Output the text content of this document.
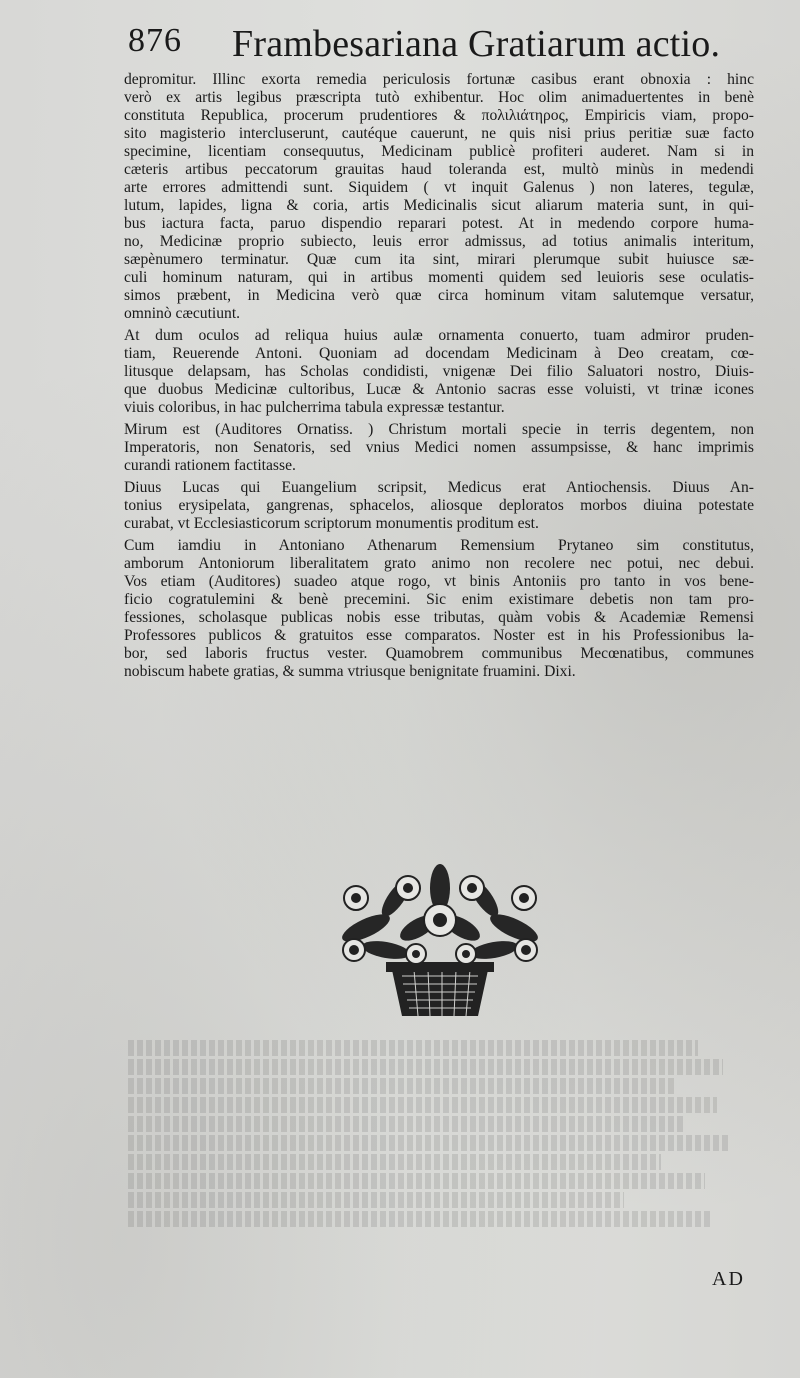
876 Frambesariana Gratiarum actio.
depromitur. Illinc exorta remedia periculosis fortunæ casibus erant obnoxia : hinc
verò ex artis legibus præscripta tutò exhibentur. Hoc olim animaduertentes in benè
constituta Republica, procerum prudentiores & πολιλιάτηρος, Empiricis viam, propo-
sito magisterio intercluserunt, cautéque cauerunt, ne quis nisi prius peritiæ suæ facto
specimine, licentiam consequutus, Medicinam publicè profiteri auderet. Nam si in
cæteris artibus peccatorum grauitas haud toleranda est, multò minùs in medendi
arte errores admittendi sunt. Siquidem ( vt inquit Galenus ) non lateres, tegulæ,
lutum, lapides, ligna & coria, artis Medicinalis sicut aliarum materia sunt, in qui-
bus iactura facta, paruo dispendio reparari potest. At in medendo corpore huma-
no, Medicinæ proprio subiecto, leuis error admissus, ad totius animalis interitum,
sæpènumero terminatur. Quæ cum ita sint, mirari plerumque subit huiusce sæ-
culi hominum naturam, qui in artibus momenti quidem sed leuioris sese oculatis-
simos præbent, in Medicina verò quæ circa hominum vitam salutemque versatur,
omninò cæcutiunt.
At dum oculos ad reliqua huius aulæ ornamenta conuerto, tuam admiror pruden-
tiam, Reuerende Antoni. Quoniam ad docendam Medicinam à Deo creatam, cœ-
litusque delapsam, has Scholas condidisti, vnigenæ Dei filio Saluatori nostro, Diuis-
que duobus Medicinæ cultoribus, Lucæ & Antonio sacras esse voluisti, vt trinæ icones
viuis coloribus, in hac pulcherrima tabula expressæ testantur.
Mirum est (Auditores Ornatiss. ) Christum mortali specie in terris degentem, non
Imperatoris, non Senatoris, sed vnius Medici nomen assumpsisse, & hanc imprimis
curandi rationem factitasse.
Diuus Lucas qui Euangelium scripsit, Medicus erat Antiochensis. Diuus An-
tonius erysipelata, gangrenas, sphacelos, aliosque deploratos morbos diuina potestate
curabat, vt Ecclesiasticorum scriptorum monumentis proditum est.
Cum iamdiu in Antoniano Athenarum Remensium Prytaneo sim constitutus,
amborum Antoniorum liberalitatem grato animo non recolere nec potui, nec debui.
Vos etiam (Auditores) suadeo atque rogo, vt binis Antoniis pro tanto in vos bene-
ficio cogratulemini & benè precemini. Sic enim existimare debetis non tam pro-
fessiones, scholasque publicas nobis esse tributas, quàm vobis & Academiæ Remensi
Professores publicos & gratuitos esse comparatos. Noster est in his Professionibus la-
bor, sed laboris fructus vester. Quamobrem communibus Mecœnatibus, communes
nobiscum habete gratias, & summa vtriusque benignitate fruamini. Dixi.
AD
